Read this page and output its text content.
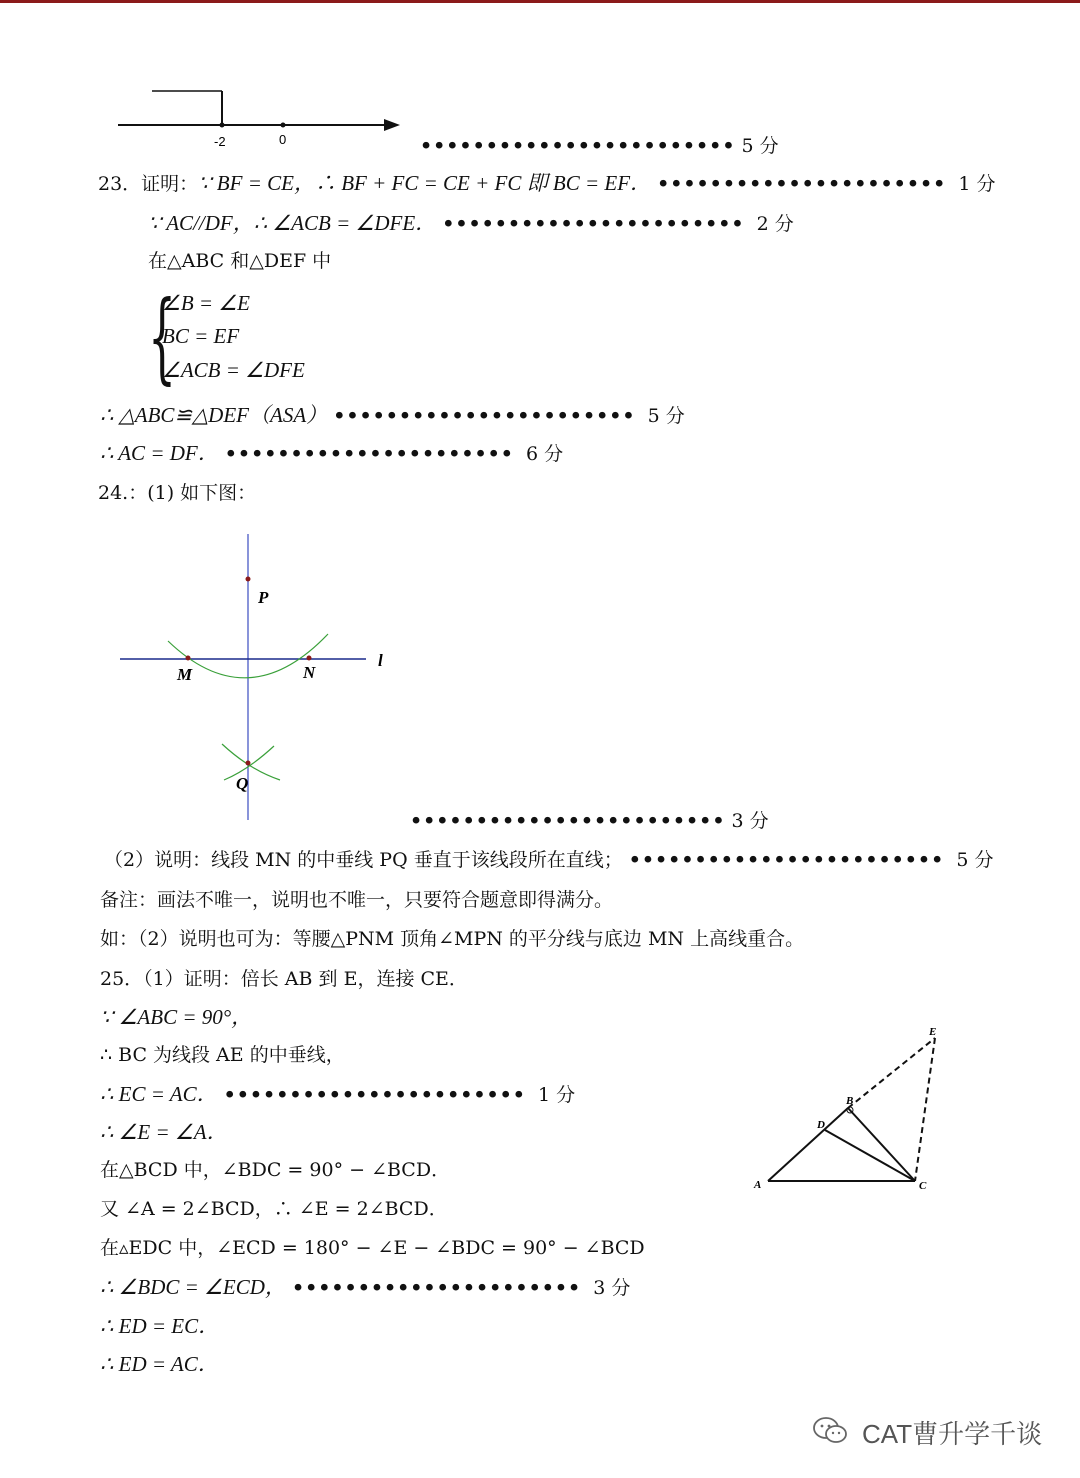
-2	0	•••••••••••••••••••••••• 5 分
23．证明：∵ BF = CE，∴ BF + FC = CE + FC 即 BC = EF． •••••••••••••••••••••• 1 分
∵ AC//DF，∴ ∠ACB = ∠DFE． ••••••••••••••••••••••• 2 分
在△ABC 和△DEF 中
{
∠B = ∠E
BC = EF
∠ACB = ∠DFE
∴ △ABC≌△DEF（ASA） ••••••••••••••••••••••• 5 分
∴ AC = DF． •••••••••••••••••••••• 6 分
24.：(1) 如下图：
P
M	N
Q
l
•••••••••••••••••••••••• 3 分
（2）说明：线段 MN 的中垂线 PQ 垂直于该线段所在直线； •••••••••••••••••••••••• 5 分
备注：画法不唯一，说明也不唯一，只要符合题意即得满分。
如：（2）说明也可为：等腰△PNM 顶角∠MPN 的平分线与底边 MN 上高线重合。
25．（1）证明：倍长 AB 到 E，连接 CE．
∵ ∠ABC = 90°，
∴ BC 为线段 AE 的中垂线，
∴ EC = AC． ••••••••••••••••••••••• 1 分
∴ ∠E = ∠A．
在△BCD 中，∠BDC = 90° − ∠BCD．
又 ∠A = 2∠BCD，∴ ∠E = 2∠BCD．
在▵EDC 中，∠ECD = 180° − ∠E − ∠BDC = 90° − ∠BCD
∴ ∠BDC = ∠ECD， •••••••••••••••••••••• 3 分
∴ ED = EC．
∴ ED = AC．
A
B
C
D
E
CAT曹升学千谈
